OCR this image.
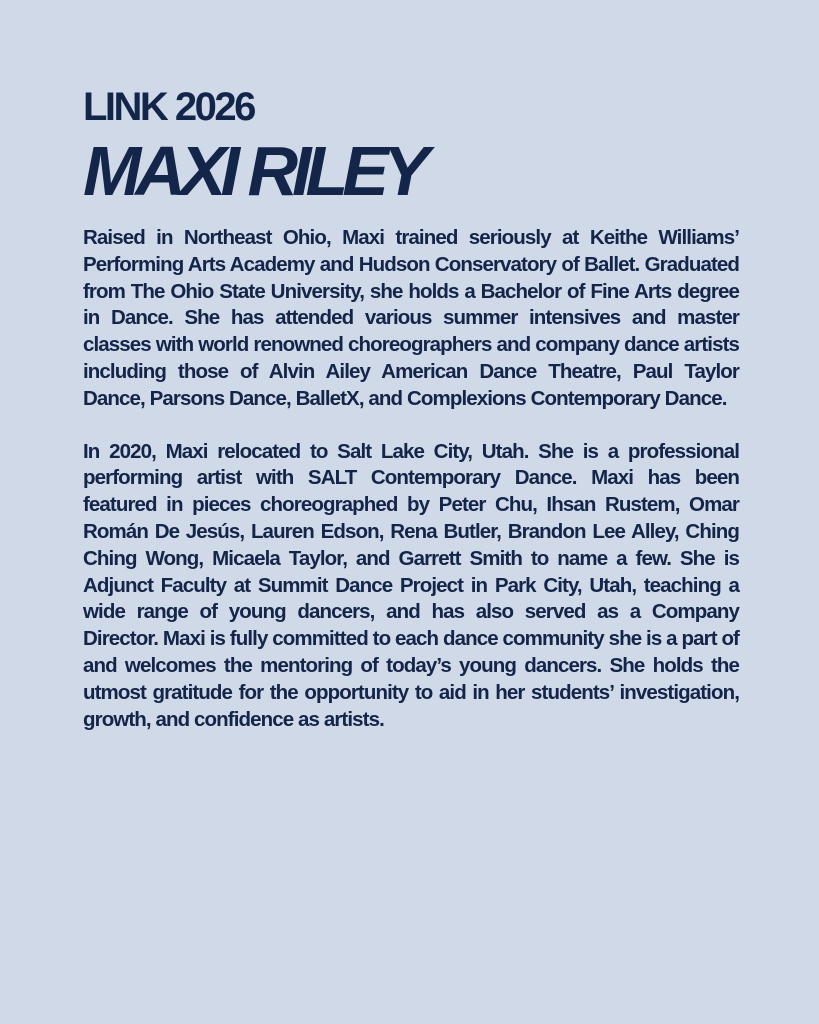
LINK 2026
MAXI RILEY

Raised in Northeast Ohio, Maxi trained seriously at Keithe Williams’ Performing Arts Academy and Hudson Conservatory of Ballet. Graduated from The Ohio State University, she holds a Bachelor of Fine Arts degree in Dance. She has attended various summer intensives and master classes with world renowned choreographers and company dance artists including those of Alvin Ailey American Dance Theatre, Paul Taylor Dance, Parsons Dance, BalletX, and Complexions Contemporary Dance.

In 2020, Maxi relocated to Salt Lake City, Utah. She is a professional performing artist with SALT Contemporary Dance. Maxi has been featured in pieces choreographed by Peter Chu, Ihsan Rustem, Omar Román De Jesús, Lauren Edson, Rena Butler, Brandon Lee Alley, Ching Ching Wong, Micaela Taylor, and Garrett Smith to name a few. She is Adjunct Faculty at Summit Dance Project in Park City, Utah, teaching a wide range of young dancers, and has also served as a Company Director. Maxi is fully committed to each dance community she is a part of and welcomes the mentoring of today’s young dancers. She holds the utmost gratitude for the opportunity to aid in her students’ investigation, growth, and confidence as artists.
